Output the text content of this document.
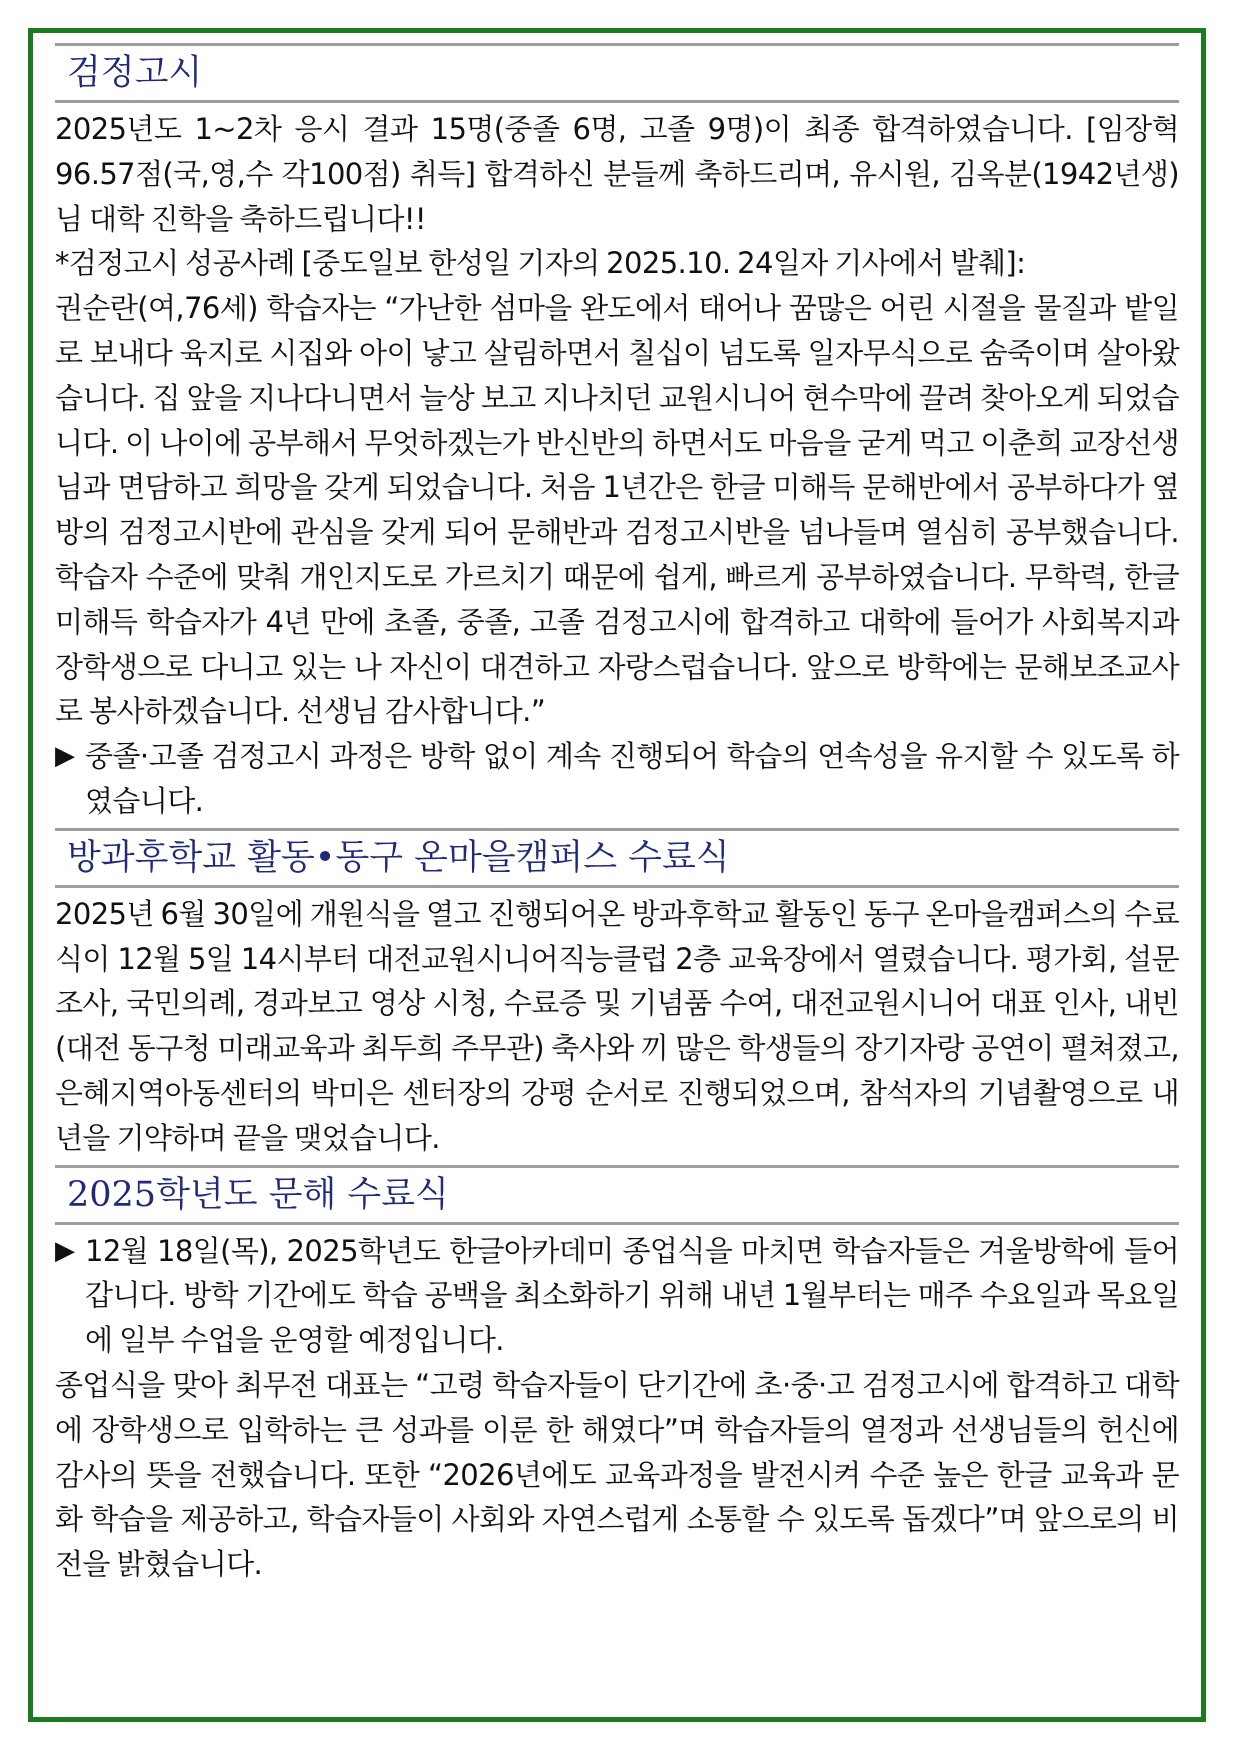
검정고시

2025년도 1~2차 응시 결과 15명(중졸 6명, 고졸 9명)이 최종 합격하였습니다. [임장혁96.57점(국,영,수 각100점) 취득] 합격하신 분들께 축하드리며, 유시원, 김옥분(1942년생)님 대학 진학을 축하드립니다!!

*검정고시 성공사례 [중도일보 한성일 기자의 2025.10. 24일자 기사에서 발췌]:

권순란(여,76세) 학습자는 “가난한 섬마을 완도에서 태어나 꿈많은 어린 시절을 물질과 밭일로 보내다 육지로 시집와 아이 낳고 살림하면서 칠십이 넘도록 일자무식으로 숨죽이며 살아왔습니다. 집 앞을 지나다니면서 늘상 보고 지나치던 교원시니어 현수막에 끌려 찾아오게 되었습니다. 이 나이에 공부해서 무엇하겠는가 반신반의 하면서도 마음을 굳게 먹고 이춘희 교장선생님과 면담하고 희망을 갖게 되었습니다. 처음 1년간은 한글 미해득 문해반에서 공부하다가 옆방의 검정고시반에 관심을 갖게 되어 문해반과 검정고시반을 넘나들며 열심히 공부했습니다. 학습자 수준에 맞춰 개인지도로 가르치기 때문에 쉽게, 빠르게 공부하였습니다. 무학력, 한글 미해득 학습자가 4년 만에 초졸, 중졸, 고졸 검정고시에 합격하고 대학에 들어가 사회복지과 장학생으로 다니고 있는 나 자신이 대견하고 자랑스럽습니다. 앞으로 방학에는 문해보조교사로 봉사하겠습니다. 선생님 감사합니다.”

▶ 중졸·고졸 검정고시 과정은 방학 없이 계속 진행되어 학습의 연속성을 유지할 수 있도록 하였습니다.
방과후학교 활동•동구 온마을캠퍼스 수료식

2025년 6월 30일에 개원식을 열고 진행되어온 방과후학교 활동인 동구 온마을캠퍼스의 수료식이 12월 5일 14시부터 대전교원시니어직능클럽 2층 교육장에서 열렸습니다. 평가회, 설문조사, 국민의례, 경과보고 영상 시청, 수료증 및 기념품 수여, 대전교원시니어 대표 인사, 내빈(대전 동구청 미래교육과 최두희 주무관) 축사와 끼 많은 학생들의 장기자랑 공연이 펼쳐졌고, 은혜지역아동센터의 박미은 센터장의 강평 순서로 진행되었으며, 참석자의 기념촬영으로 내년을 기약하며 끝을 맺었습니다.

2025학년도 문해 수료식
▶ 12월 18일(목), 2025학년도 한글아카데미 종업식을 마치면 학습자들은 겨울방학에 들어갑니다. 방학 기간에도 학습 공백을 최소화하기 위해 내년 1월부터는 매주 수요일과 목요일에 일부 수업을 운영할 예정입니다.

종업식을 맞아 최무전 대표는 “고령 학습자들이 단기간에 초·중·고 검정고시에 합격하고 대학에 장학생으로 입학하는 큰 성과를 이룬 한 해였다”며 학습자들의 열정과 선생님들의 헌신에 감사의 뜻을 전했습니다. 또한 “2026년에도 교육과정을 발전시켜 수준 높은 한글 교육과 문화 학습을 제공하고, 학습자들이 사회와 자연스럽게 소통할 수 있도록 돕겠다”며 앞으로의 비전을 밝혔습니다.
